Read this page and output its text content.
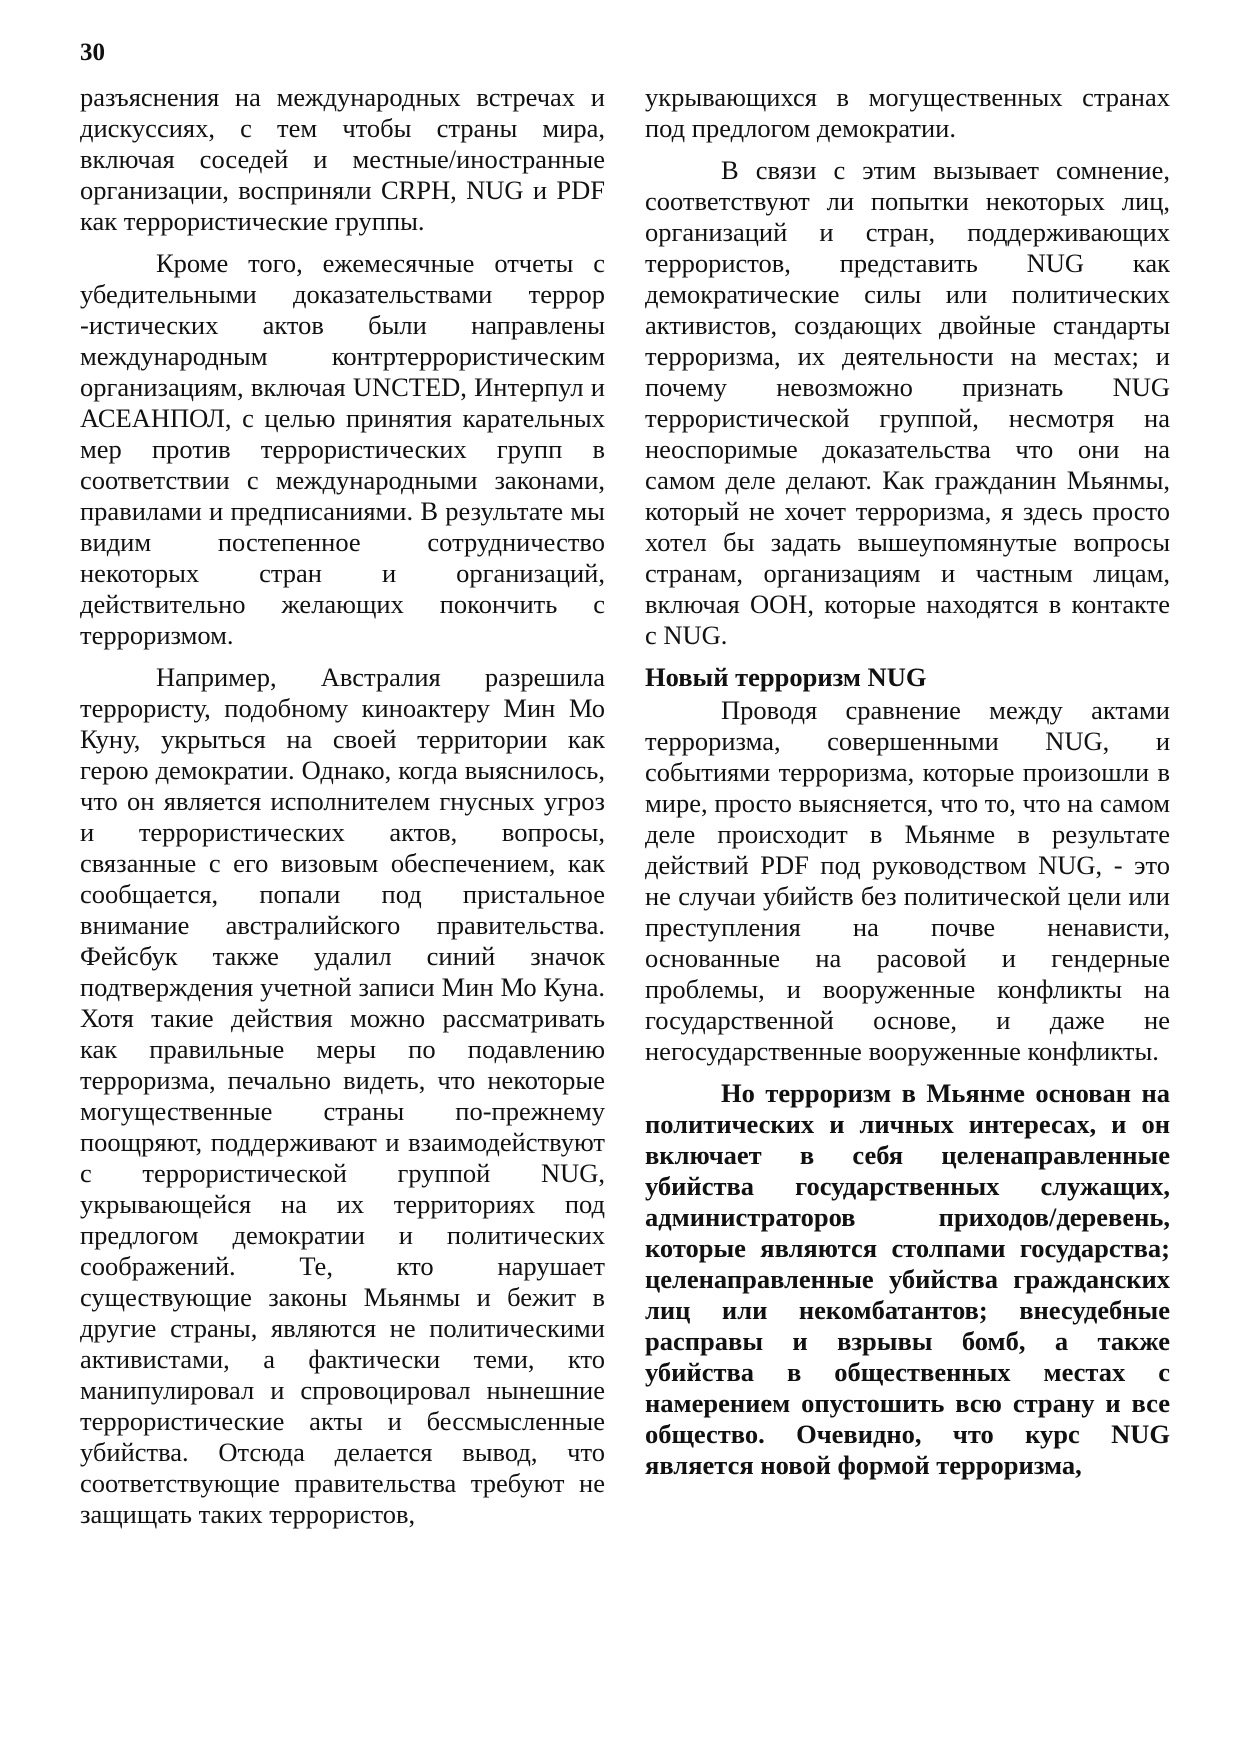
30

разъяснения на международных встречах и дискуссиях, с тем чтобы страны мира, включая соседей и местные/иностранные организации, восприняли CRPH, NUG и PDF как террористические группы.

Кроме того, ежемесячные отчеты с убедительными доказательствами террор -истических актов были направлены международным контртеррористическим организациям, включая UNCTED, Интерпул и АСЕАНПОЛ, с целью принятия карательных мер против террористических групп в соответствии с международными законами, правилами и предписаниями. В результате мы видим постепенное сотрудничество некоторых стран и организаций, действительно желающих покончить с терроризмом.

Например, Австралия разрешила террористу, подобному киноактеру Мин Мо Куну, укрыться на своей территории как герою демократии. Однако, когда выяснилось, что он является исполнителем гнусных угроз и террористических актов, вопросы, связанные с его визовым обеспечением, как сообщается, попали под пристальное внимание австралийского правительства. Фейсбук также удалил синий значок подтверждения учетной записи Мин Мо Куна. Хотя такие действия можно рассматривать как правильные меры по подавлению терроризма, печально видеть, что некоторые могущественные страны по-прежнему поощряют, поддерживают и взаимодействуют с террористической группой NUG, укрывающейся на их территориях под предлогом демократии и политических соображений. Те, кто нарушает существующие законы Мьянмы и бежит в другие страны, являются не политическими активистами, а фактически теми, кто манипулировал и спровоцировал нынешние террористические акты и бессмысленные убийства. Отсюда делается вывод, что соответствующие правительства требуют не защищать таких террористов,

укрывающихся в могущественных странах под предлогом демократии.

В связи с этим вызывает сомнение, соответствуют ли попытки некоторых лиц, организаций и стран, поддерживающих террористов, представить NUG как демократические силы или политических активистов, создающих двойные стандарты терроризма, их деятельности на местах; и почему невозможно признать NUG террористической группой, несмотря на неоспоримые доказательства что они на самом деле делают. Как гражданин Мьянмы, который не хочет терроризма, я здесь просто хотел бы задать вышеупомянутые вопросы странам, организациям и частным лицам, включая ООН, которые находятся в контакте с NUG.

Новый терроризм NUG

Проводя сравнение между актами терроризма, совершенными NUG, и событиями терроризма, которые произошли в мире, просто выясняется, что то, что на самом деле происходит в Мьянме в результате действий PDF под руководством NUG, - это не случаи убийств без политической цели или преступления на почве ненависти, основанные на расовой и гендерные проблемы, и вооруженные конфликты на государственной основе, и даже не негосударственные вооруженные конфликты.

Но терроризм в Мьянме основан на политических и личных интересах, и он включает в себя целенаправленные убийства государственных служащих, администраторов приходов/деревень, которые являются столпами государства; целенаправленные убийства гражданских лиц или некомбатантов; внесудебные расправы и взрывы бомб, а также убийства в общественных местах с намерением опустошить всю страну и все общество. Очевидно, что курс NUG является новой формой терроризма,
